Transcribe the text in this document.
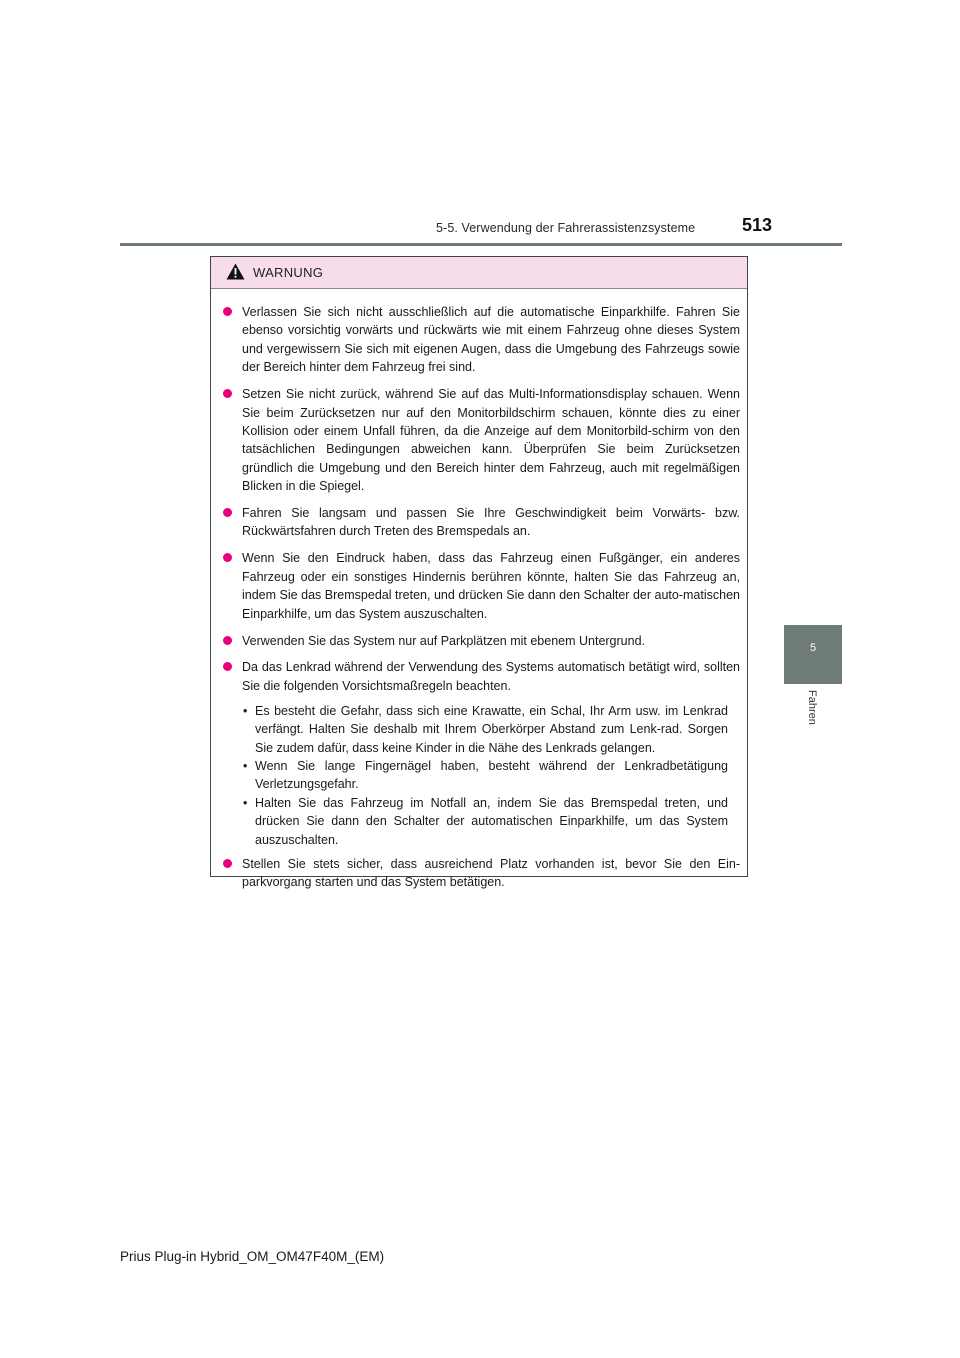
5-5. Verwendung der Fahrerassistenzsysteme	513
5
Fahren
WARNUNG
Verlassen Sie sich nicht ausschließlich auf die automatische Einparkhilfe. Fahren Sie ebenso vorsichtig vorwärts und rückwärts wie mit einem Fahrzeug ohne dieses System und vergewissern Sie sich mit eigenen Augen, dass die Umgebung des Fahrzeugs sowie der Bereich hinter dem Fahrzeug frei sind.
Setzen Sie nicht zurück, während Sie auf das Multi-Informationsdisplay schauen. Wenn Sie beim Zurücksetzen nur auf den Monitorbildschirm schauen, könnte dies zu einer Kollision oder einem Unfall führen, da die Anzeige auf dem Monitorbild-schirm von den tatsächlichen Bedingungen abweichen kann. Überprüfen Sie beim Zurücksetzen gründlich die Umgebung und den Bereich hinter dem Fahrzeug, auch mit regelmäßigen Blicken in die Spiegel.
Fahren Sie langsam und passen Sie Ihre Geschwindigkeit beim Vorwärts- bzw. Rückwärtsfahren durch Treten des Bremspedals an.
Wenn Sie den Eindruck haben, dass das Fahrzeug einen Fußgänger, ein anderes Fahrzeug oder ein sonstiges Hindernis berühren könnte, halten Sie das Fahrzeug an, indem Sie das Bremspedal treten, und drücken Sie dann den Schalter der auto-matischen Einparkhilfe, um das System auszuschalten.
Verwenden Sie das System nur auf Parkplätzen mit ebenem Untergrund.
Da das Lenkrad während der Verwendung des Systems automatisch betätigt wird, sollten Sie die folgenden Vorsichtsmaßregeln beachten.
• Es besteht die Gefahr, dass sich eine Krawatte, ein Schal, Ihr Arm usw. im Lenkrad verfängt. Halten Sie deshalb mit Ihrem Oberkörper Abstand zum Lenk-rad. Sorgen Sie zudem dafür, dass keine Kinder in die Nähe des Lenkrads gelangen.
• Wenn Sie lange Fingernägel haben, besteht während der Lenkradbetätigung Verletzungsgefahr.
• Halten Sie das Fahrzeug im Notfall an, indem Sie das Bremspedal treten, und drücken Sie dann den Schalter der automatischen Einparkhilfe, um das System auszuschalten.
Stellen Sie stets sicher, dass ausreichend Platz vorhanden ist, bevor Sie den Ein-parkvorgang starten und das System betätigen.
Prius Plug-in Hybrid_OM_OM47F40M_(EM)
